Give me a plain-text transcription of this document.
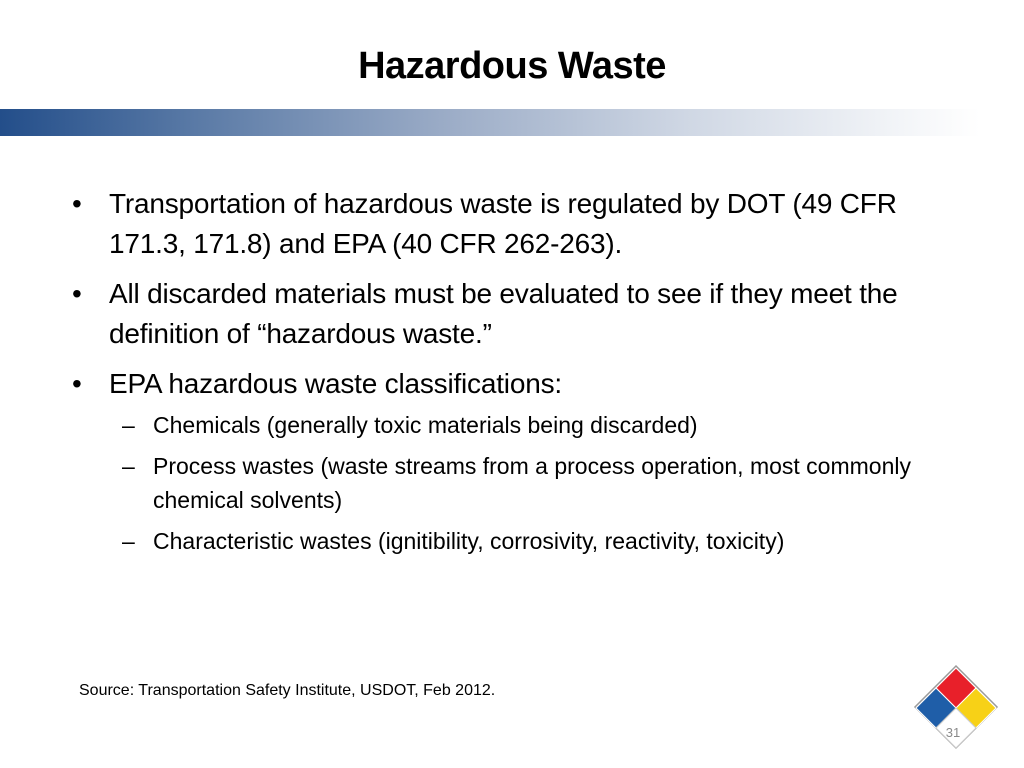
Hazardous Waste
• Transportation of hazardous waste is regulated by DOT (49 CFR 171.3, 171.8) and EPA (40 CFR 262-263).
• All discarded materials must be evaluated to see if they meet the definition of “hazardous waste.”
• EPA hazardous waste classifications:
– Chemicals (generally toxic materials being discarded)
– Process wastes (waste streams from a process operation, most commonly chemical solvents)
– Characteristic wastes (ignitibility, corrosivity, reactivity, toxicity)
Source: Transportation Safety Institute, USDOT, Feb 2012.
31
